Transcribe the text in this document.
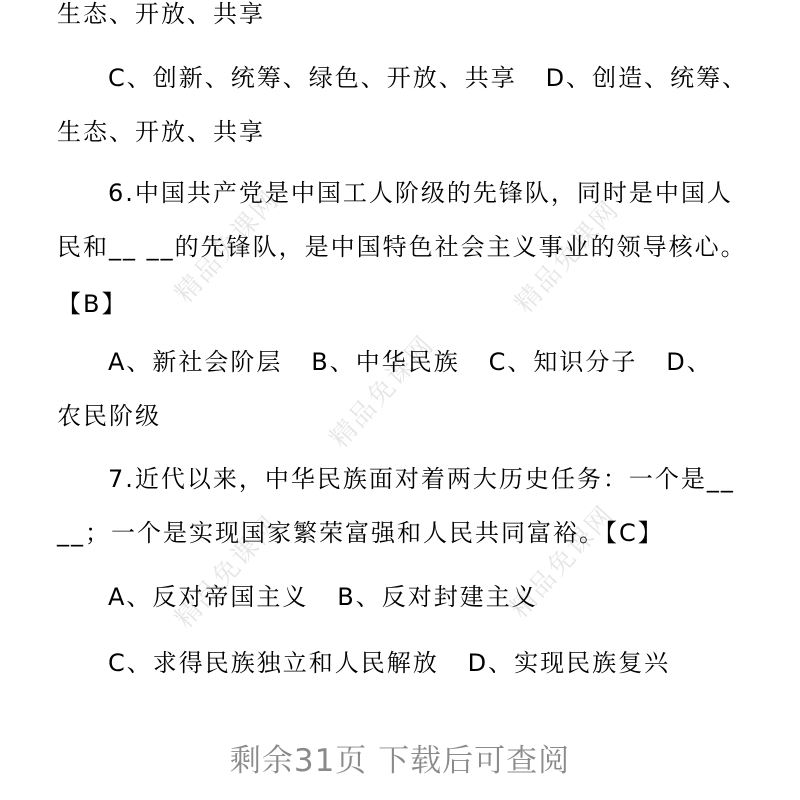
精品免课网	精品免课网
精品免课网
精品免课网	精品免课网
生态、开放、共享
C、创新、统筹、绿色、开放、共享   D、创造、统筹、
生态、开放、共享
6.中国共产党是中国工人阶级的先锋队，同时是中国人
民和__ __的先锋队，是中国特色社会主义事业的领导核心。
【B】
A、新社会阶层   B、中华民族   C、知识分子   D、
农民阶级
7.近代以来，中华民族面对着两大历史任务：一个是__
__；一个是实现国家繁荣富强和人民共同富裕。【C】
A、反对帝国主义   B、反对封建主义
C、求得民族独立和人民解放   D、实现民族复兴
剩余31页 下载后可查阅
